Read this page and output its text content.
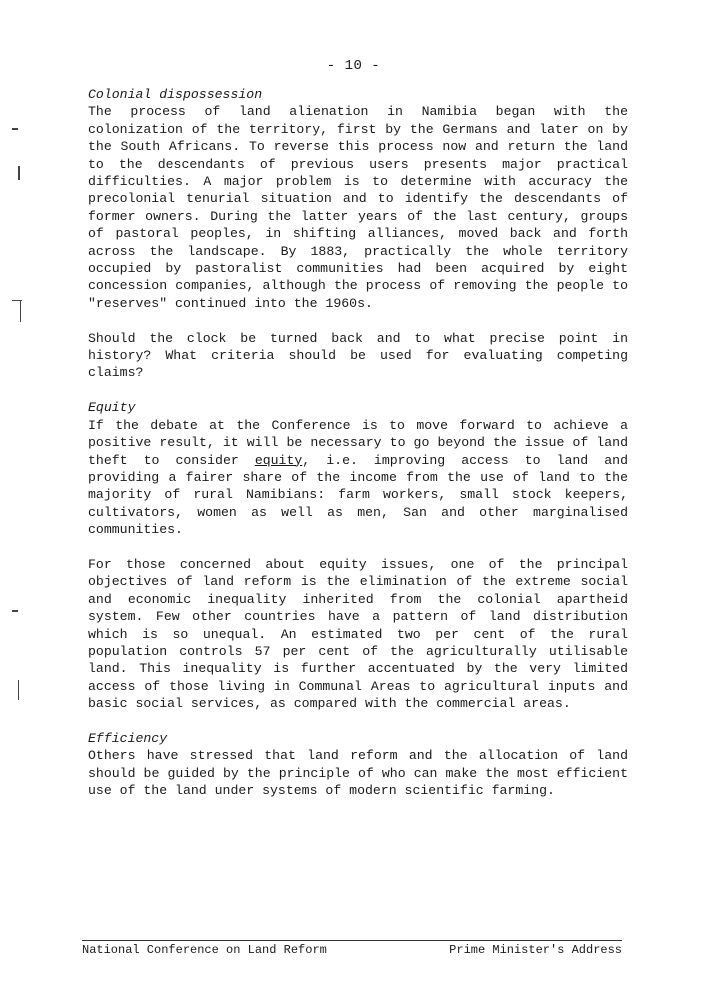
- 10 -

Colonial dispossession

The process of land alienation in Namibia began with the colonization of the territory, first by the Germans and later on by the South Africans. To reverse this process now and return the land to the descendants of previous users presents major practical difficulties. A major problem is to determine with accuracy the precolonial tenurial situation and to identify the descendants of former owners. During the latter years of the last century, groups of pastoral peoples, in shifting alliances, moved back and forth across the landscape. By 1883, practically the whole territory occupied by pastoralist communities had been acquired by eight concession companies, although the process of removing the people to "reserves" continued into the 1960s.

Should the clock be turned back and to what precise point in history? What criteria should be used for evaluating competing claims?

Equity

If the debate at the Conference is to move forward to achieve a positive result, it will be necessary to go beyond the issue of land theft to consider equity, i.e. improving access to land and providing a fairer share of the income from the use of land to the majority of rural Namibians: farm workers, small stock keepers, cultivators, women as well as men, San and other marginalised communities.

For those concerned about equity issues, one of the principal objectives of land reform is the elimination of the extreme social and economic inequality inherited from the colonial apartheid system. Few other countries have a pattern of land distribution which is so unequal. An estimated two per cent of the rural population controls 57 per cent of the agriculturally utilisable land. This inequality is further accentuated by the very limited access of those living in Communal Areas to agricultural inputs and basic social services, as compared with the commercial areas.

Efficiency

Others have stressed that land reform and the allocation of land should be guided by the principle of who can make the most efficient use of the land under systems of modern scientific farming.

National Conference on Land Reform	Prime Minister's Address
